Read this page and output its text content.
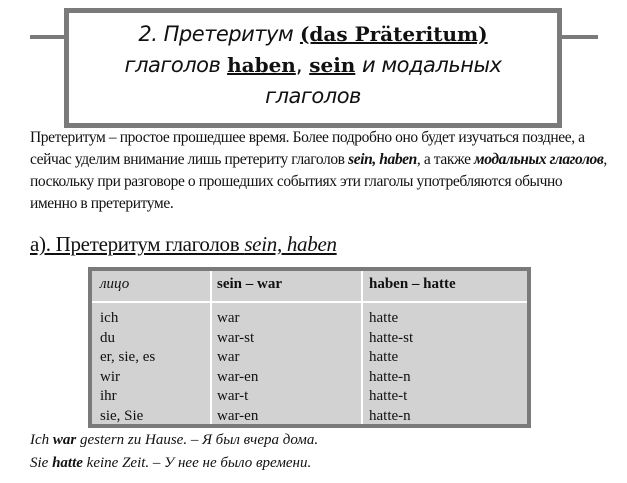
2. Претеритум (das Präteritum)
глаголов haben, sein и модальных
глаголов
Претеритум – простое прошедшее время. Более подробно оно будет изучаться позднее, а сейчас уделим внимание лишь претериту глаголов sein, haben, а также модальных глаголов, поскольку при разговоре о прошедших событиях эти глаголы употребляются обычно именно в претеритуме.
а). Претеритум глаголов sein, haben
лицо	sein – war	haben – hatte
ich
du
er, sie, es
wir
ihr
sie, Sie
war
war-st
war
war-en
war-t
war-en
hatte
hatte-st
hatte
hatte-n
hatte-t
hatte-n
Ich war gestern zu Hause. – Я был вчера дома.
Sie hatte keine Zeit. – У нее не было времени.
